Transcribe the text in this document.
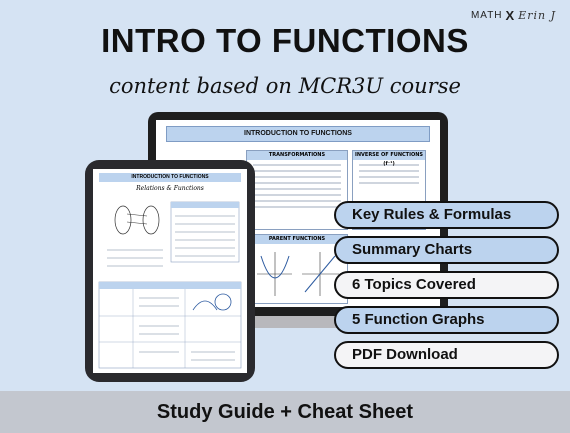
MATH X Erin J
INTRO TO FUNCTIONS
content based on MCR3U course
INTRODUCTION TO FUNCTIONS
TRANSFORMATIONS	INVERSE OF FUNCTIONS (f⁻¹)
PARENT FUNCTIONS
INTRODUCTION TO FUNCTIONS
Relations & Functions
Key Rules & Formulas
Summary Charts
6 Topics Covered
5 Function Graphs
PDF Download
Study Guide + Cheat Sheet
